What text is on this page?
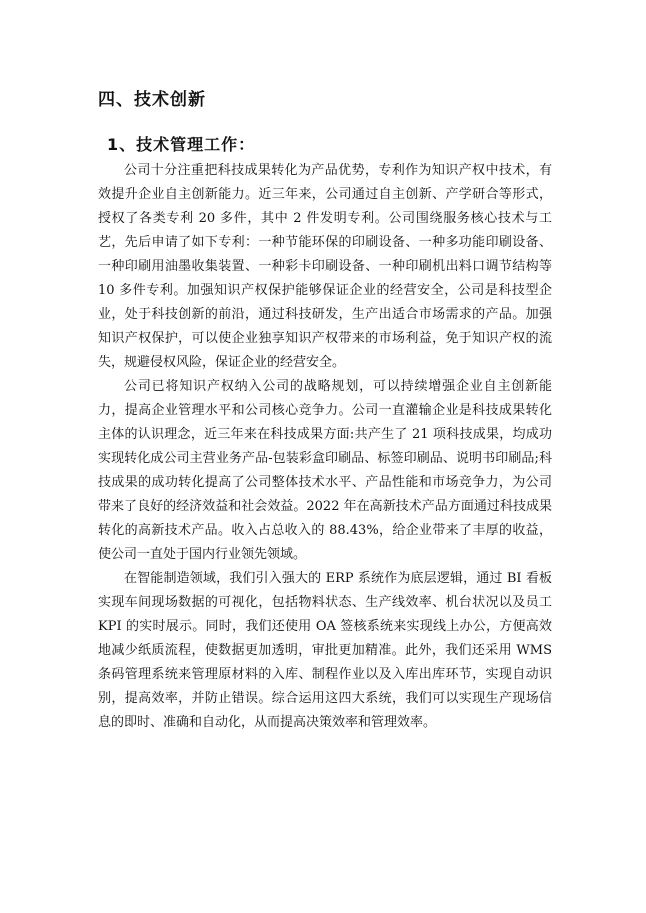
四、技术创新
1、技术管理工作：

公司十分注重把科技成果转化为产品优势，专利作为知识产权中技术，有效提升企业自主创新能力。近三年来，公司通过自主创新、产学研合等形式，授权了各类专利 20 多件，其中 2 件发明专利。公司围绕服务核心技术与工艺，先后申请了如下专利：一种节能环保的印刷设备、一种多功能印刷设备、一种印刷用油墨收集装置、一种彩卡印刷设备、一种印刷机出料口调节结构等 10 多件专利。加强知识产权保护能够保证企业的经营安全，公司是科技型企业，处于科技创新的前沿，通过科技研发，生产出适合市场需求的产品。加强知识产权保护，可以使企业独享知识产权带来的市场利益，免于知识产权的流失，规避侵权风险，保证企业的经营安全。

公司已将知识产权纳入公司的战略规划，可以持续增强企业自主创新能力，提高企业管理水平和公司核心竞争力。公司一直灌输企业是科技成果转化主体的认识理念，近三年来在科技成果方面:共产生了 21 项科技成果，均成功实现转化成公司主营业务产品-包装彩盒印刷品、标签印刷品、说明书印刷品;科技成果的成功转化提高了公司整体技术水平、产品性能和市场竞争力，为公司带来了良好的经济效益和社会效益。2022 年在高新技术产品方面通过科技成果转化的高新技术产品。收入占总收入的 88.43%，给企业带来了丰厚的收益，使公司一直处于国内行业领先领域。

在智能制造领域，我们引入强大的 ERP 系统作为底层逻辑，通过 BI 看板实现车间现场数据的可视化，包括物料状态、生产线效率、机台状况以及员工 KPI 的实时展示。同时，我们还使用 OA 签核系统来实现线上办公，方便高效地减少纸质流程，使数据更加透明，审批更加精准。此外，我们还采用 WMS 条码管理系统来管理原材料的入库、制程作业以及入库出库环节，实现自动识别，提高效率，并防止错误。综合运用这四大系统，我们可以实现生产现场信息的即时、准确和自动化，从而提高决策效率和管理效率。
